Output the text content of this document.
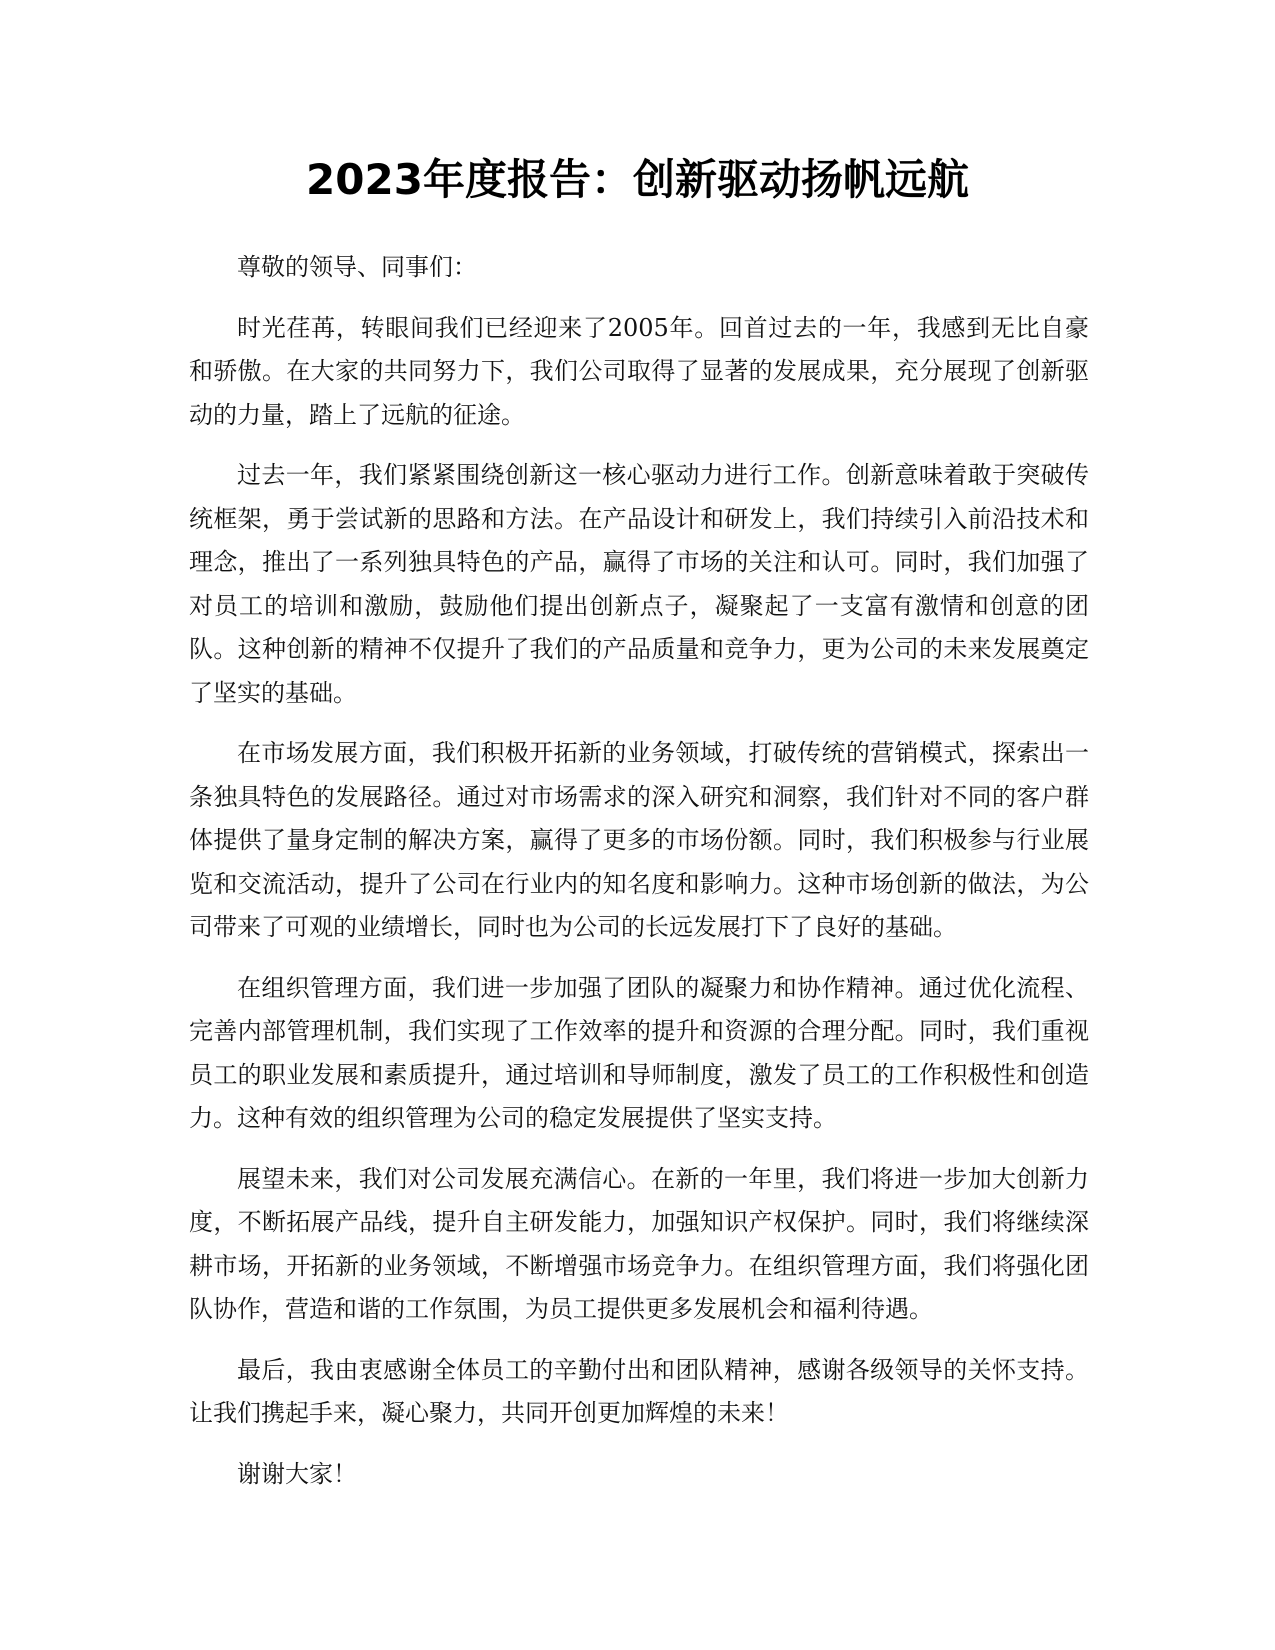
2023年度报告：创新驱动扬帆远航

尊敬的领导、同事们：

时光荏苒，转眼间我们已经迎来了2005年。回首过去的一年，我感到无比自豪和骄傲。在大家的共同努力下，我们公司取得了显著的发展成果，充分展现了创新驱动的力量，踏上了远航的征途。

过去一年，我们紧紧围绕创新这一核心驱动力进行工作。创新意味着敢于突破传统框架，勇于尝试新的思路和方法。在产品设计和研发上，我们持续引入前沿技术和理念，推出了一系列独具特色的产品，赢得了市场的关注和认可。同时，我们加强了对员工的培训和激励，鼓励他们提出创新点子，凝聚起了一支富有激情和创意的团队。这种创新的精神不仅提升了我们的产品质量和竞争力，更为公司的未来发展奠定了坚实的基础。

在市场发展方面，我们积极开拓新的业务领域，打破传统的营销模式，探索出一条独具特色的发展路径。通过对市场需求的深入研究和洞察，我们针对不同的客户群体提供了量身定制的解决方案，赢得了更多的市场份额。同时，我们积极参与行业展览和交流活动，提升了公司在行业内的知名度和影响力。这种市场创新的做法，为公司带来了可观的业绩增长，同时也为公司的长远发展打下了良好的基础。

在组织管理方面，我们进一步加强了团队的凝聚力和协作精神。通过优化流程、完善内部管理机制，我们实现了工作效率的提升和资源的合理分配。同时，我们重视员工的职业发展和素质提升，通过培训和导师制度，激发了员工的工作积极性和创造力。这种有效的组织管理为公司的稳定发展提供了坚实支持。

展望未来，我们对公司发展充满信心。在新的一年里，我们将进一步加大创新力度，不断拓展产品线，提升自主研发能力，加强知识产权保护。同时，我们将继续深耕市场，开拓新的业务领域，不断增强市场竞争力。在组织管理方面，我们将强化团队协作，营造和谐的工作氛围，为员工提供更多发展机会和福利待遇。

最后，我由衷感谢全体员工的辛勤付出和团队精神，感谢各级领导的关怀支持。让我们携起手来，凝心聚力，共同开创更加辉煌的未来！

谢谢大家！
